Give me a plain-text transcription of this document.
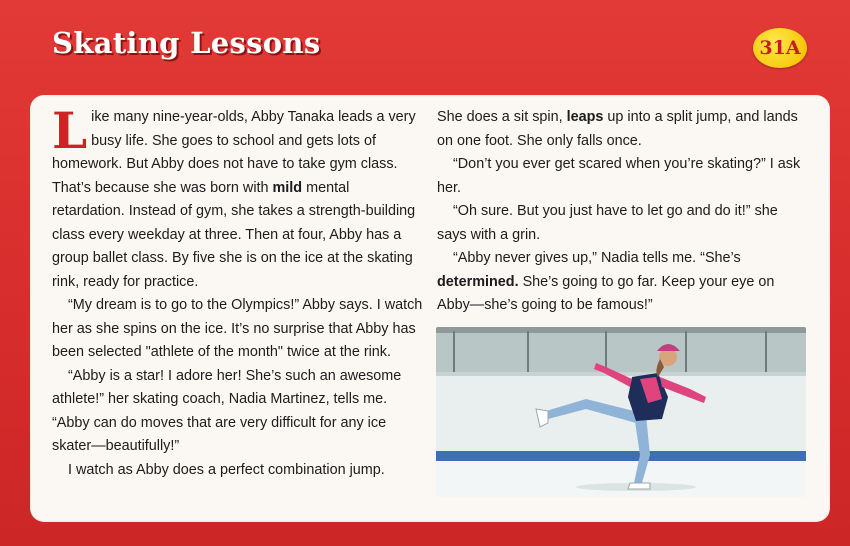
Skating Lessons	31A

Like many nine-year-olds, Abby Tanaka leads a very busy life. She goes to school and gets lots of homework. But Abby does not have to take gym class. That’s because she was born with mild mental retardation. Instead of gym, she takes a strength-building class every weekday at three. Then at four, Abby has a group ballet class. By five she is on the ice at the skating rink, ready for practice.

“My dream is to go to the Olympics!” Abby says. I watch her as she spins on the ice. It’s no surprise that Abby has been selected "athlete of the month" twice at the rink.

“Abby is a star! I adore her! She’s such an awesome athlete!” her skating coach, Nadia Martinez, tells me. “Abby can do moves that are very difficult for any ice skater—beautifully!”

I watch as Abby does a perfect combination jump.

She does a sit spin, leaps up into a split jump, and lands on one foot. She only falls once.

“Don’t you ever get scared when you’re skating?” I ask her.

“Oh sure. But you just have to let go and do it!” she says with a grin.

“Abby never gives up,” Nadia tells me. “She’s determined. She’s going to go far. Keep your eye on Abby—she’s going to be famous!”
